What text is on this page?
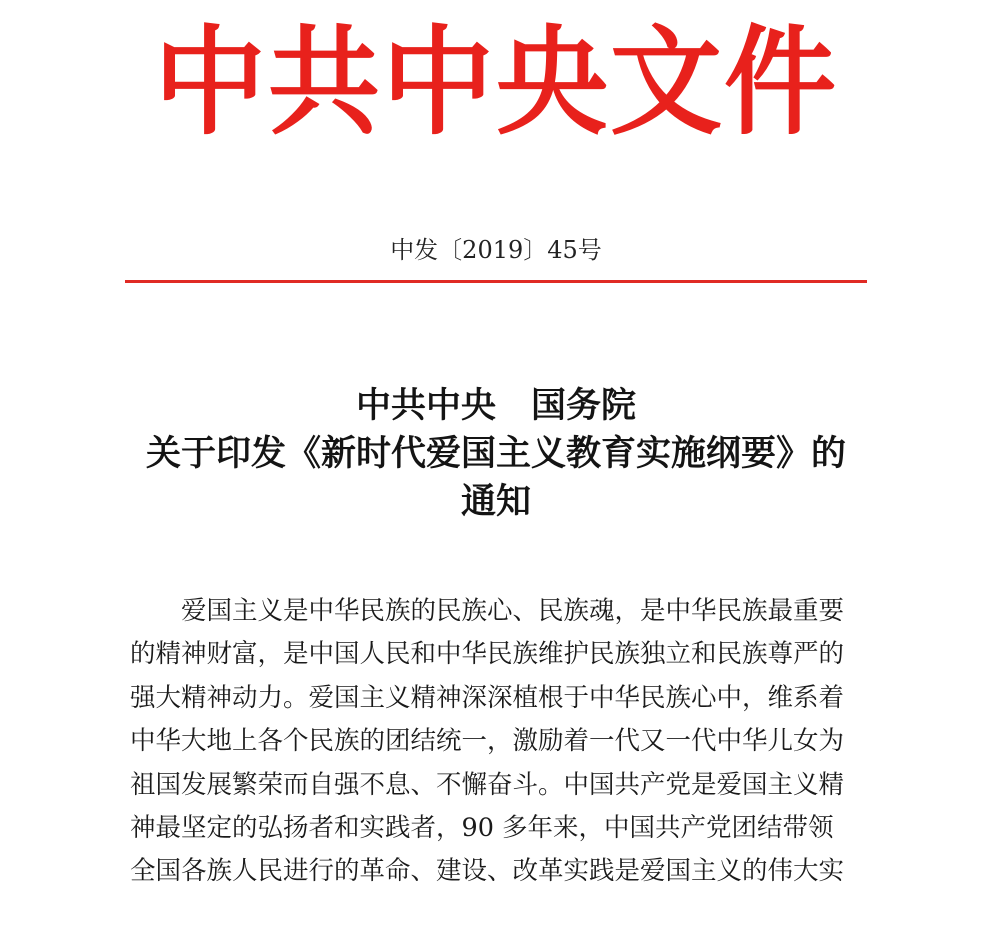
中共中央文件
中发〔2019〕45号
中共中央　国务院
关于印发《新时代爱国主义教育实施纲要》的
通知
爱国主义是中华民族的民族心、民族魂，是中华民族最重要
的精神财富，是中国人民和中华民族维护民族独立和民族尊严的
强大精神动力。爱国主义精神深深植根于中华民族心中，维系着
中华大地上各个民族的团结统一，激励着一代又一代中华儿女为
祖国发展繁荣而自强不息、不懈奋斗。中国共产党是爱国主义精
神最坚定的弘扬者和实践者，90 多年来，中国共产党团结带领
全国各族人民进行的革命、建设、改革实践是爱国主义的伟大实
